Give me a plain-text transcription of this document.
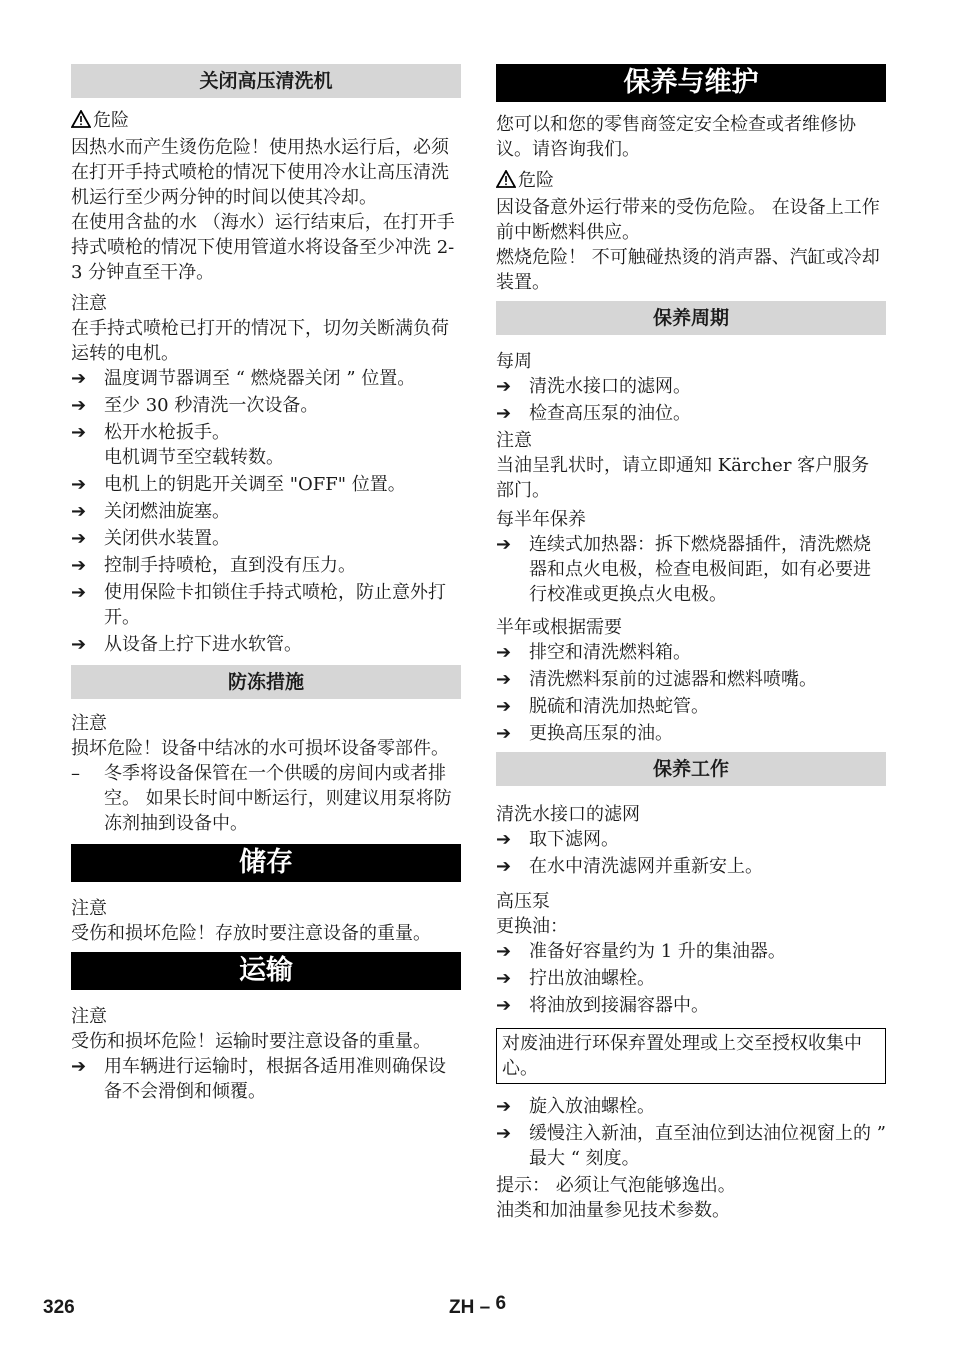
关闭高压清洗机

危险

因热水而产生烫伤危险！使用热水运行后，必须在打开手持式喷枪的情况下使用冷水让高压清洗机运行至少两分钟的时间以使其冷却。

在使用含盐的水 （海水）运行结束后，在打开手持式喷枪的情况下使用管道水将设备至少冲洗 2-3 分钟直至干净。

注意

在手持式喷枪已打开的情况下，切勿关断满负荷运转的电机。

➔ 温度调节器调至 “ 燃烧器关闭 ” 位置。
➔ 至少 30 秒清洗一次设备。
➔ 松开水枪扳手。
电机调节至空载转数。
➔ 电机上的钥匙开关调至 "OFF" 位置。
➔ 关闭燃油旋塞。
➔ 关闭供水装置。
➔ 控制手持喷枪，直到没有压力。
➔ 使用保险卡扣锁住手持式喷枪，防止意外打开。
➔ 从设备上拧下进水软管。
防冻措施

注意

损坏危险！设备中结冰的水可损坏设备零部件。

– 冬季将设备保管在一个供暖的房间内或者排空。 如果长时间中断运行，则建议用泵将防冻剂抽到设备中。
储存

注意

受伤和损坏危险！存放时要注意设备的重量。

运输

注意

受伤和损坏危险！运输时要注意设备的重量。

➔ 用车辆进行运输时，根据各适用准则确保设备不会滑倒和倾覆。
保养与维护

您可以和您的零售商签定安全检查或者维修协议。请咨询我们。

危险

因设备意外运行带来的受伤危险。 在设备上工作前中断燃料供应。

燃烧危险！ 不可触碰热烫的消声器、汽缸或冷却装置。

保养周期

每周

➔ 清洗水接口的滤网。
➔ 检查高压泵的油位。

注意

当油呈乳状时，请立即通知 Kärcher 客户服务部门。

每半年保养

➔ 连续式加热器：拆下燃烧器插件，清洗燃烧器和点火电极，检查电极间距，如有必要进行校准或更换点火电极。

半年或根据需要

➔ 排空和清洗燃料箱。
➔ 清洗燃料泵前的过滤器和燃料喷嘴。
➔ 脱硫和清洗加热蛇管。
➔ 更换高压泵的油。
保养工作

清洗水接口的滤网

➔ 取下滤网。
➔ 在水中清洗滤网并重新安上。

高压泵

更换油：

➔ 准备好容量约为 1 升的集油器。
➔ 拧出放油螺栓。
➔ 将油放到接漏容器中。
对废油进行环保弃置处理或上交至授权收集中心。
➔ 旋入放油螺栓。
➔ 缓慢注入新油，直至油位到达油位视窗上的 ” 最大 “ 刻度。

提示： 必须让气泡能够逸出。

油类和加油量参见技术参数。

326	ZH – 6
